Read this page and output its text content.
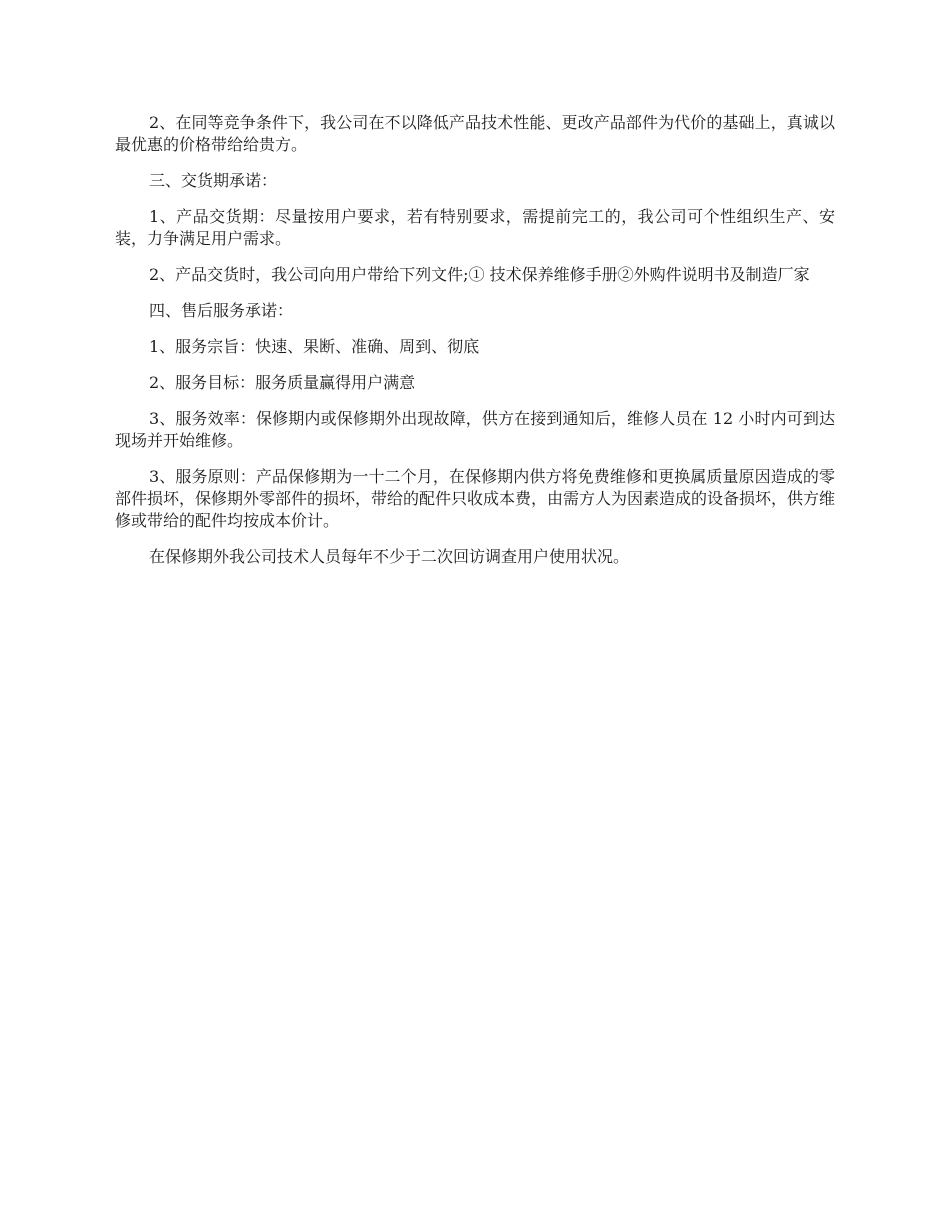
2、在同等竞争条件下，我公司在不以降低产品技术性能、更改产品部件为代价的基础上，真诚以最优惠的价格带给给贵方。

三、交货期承诺：

1、产品交货期：尽量按用户要求，若有特别要求，需提前完工的，我公司可个性组织生产、安装，力争满足用户需求。

2、产品交货时，我公司向用户带给下列文件;① 技术保养维修手册②外购件说明书及制造厂家

四、售后服务承诺：

1、服务宗旨：快速、果断、准确、周到、彻底

2、服务目标：服务质量赢得用户满意

3、服务效率：保修期内或保修期外出现故障，供方在接到通知后，维修人员在 12 小时内可到达现场并开始维修。

3、服务原则：产品保修期为一十二个月，在保修期内供方将免费维修和更换属质量原因造成的零部件损坏，保修期外零部件的损坏，带给的配件只收成本费，由需方人为因素造成的设备损坏，供方维修或带给的配件均按成本价计。

在保修期外我公司技术人员每年不少于二次回访调查用户使用状况。
